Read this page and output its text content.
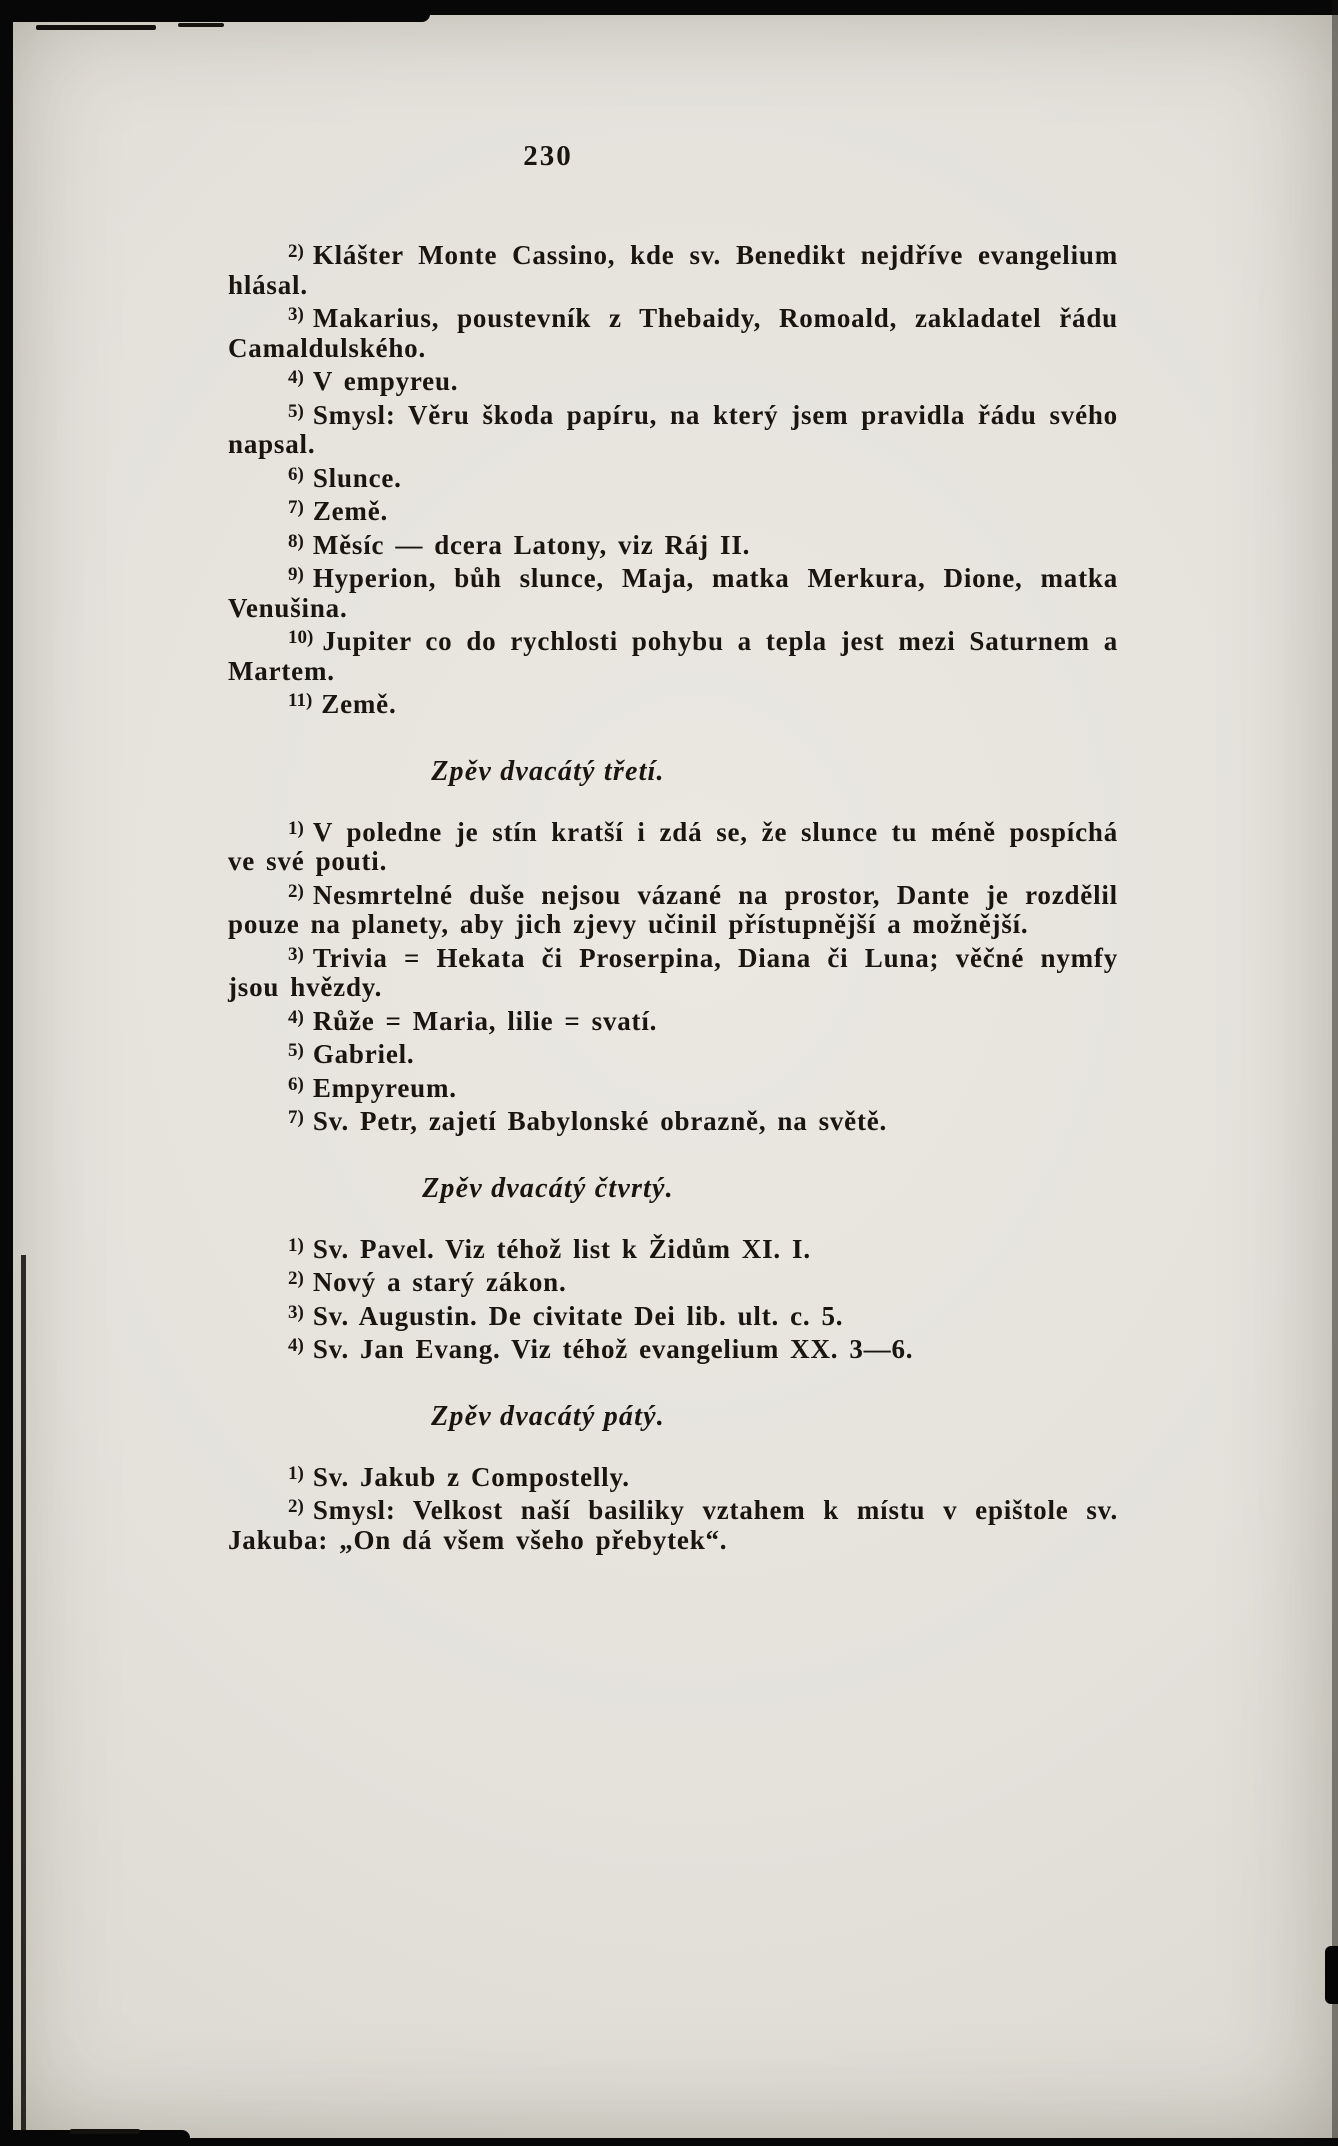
230

$^{2)}$ Klášter Monte Cassino, kde sv. Benedikt nejdříve evangelium hlásal.

$^{3)}$ Makarius, poustevník z Thebaidy, Romoald, zakladatel řádu Camaldulského.

$^{4)}$ V empyreu.

$^{5)}$ Smysl: Věru škoda papíru, na který jsem pravidla řádu svého napsal.

$^{6)}$ Slunce.

$^{7)}$ Země.

$^{8)}$ Měsíc — dcera Latony, viz Ráj II.

$^{9)}$ Hyperion, bůh slunce, Maja, matka Merkura, Dione, matka Venušina.

$^{10)}$ Jupiter co do rychlosti pohybu a tepla jest mezi Saturnem a Martem.

$^{11)}$ Země.

Zpěv dvacátý třetí.

$^{1)}$ V poledne je stín kratší i zdá se, že slunce tu méně pospíchá ve své pouti.

$^{2)}$ Nesmrtelné duše nejsou vázané na prostor, Dante je rozdělil pouze na planety, aby jich zjevy učinil přístupnější a možnější.

$^{3)}$ Trivia = Hekata či Proserpina, Diana či Luna; věčné nymfy jsou hvězdy.

$^{4)}$ Růže = Maria, lilie = svatí.

$^{5)}$ Gabriel.

$^{6)}$ Empyreum.

$^{7)}$ Sv. Petr, zajetí Babylonské obrazně, na světě.

Zpěv dvacátý čtvrtý.

$^{1)}$ Sv. Pavel. Viz téhož list k Židům XI. I.

$^{2)}$ Nový a starý zákon.

$^{3)}$ Sv. Augustin. De civitate Dei lib. ult. c. 5.

$^{4)}$ Sv. Jan Evang. Viz téhož evangelium XX. 3—6.

Zpěv dvacátý pátý.

$^{1)}$ Sv. Jakub z Compostelly.

$^{2)}$ Smysl: Velkost naší basiliky vztahem k místu v epištole sv. Jakuba: „On dá všem všeho přebytek“.
